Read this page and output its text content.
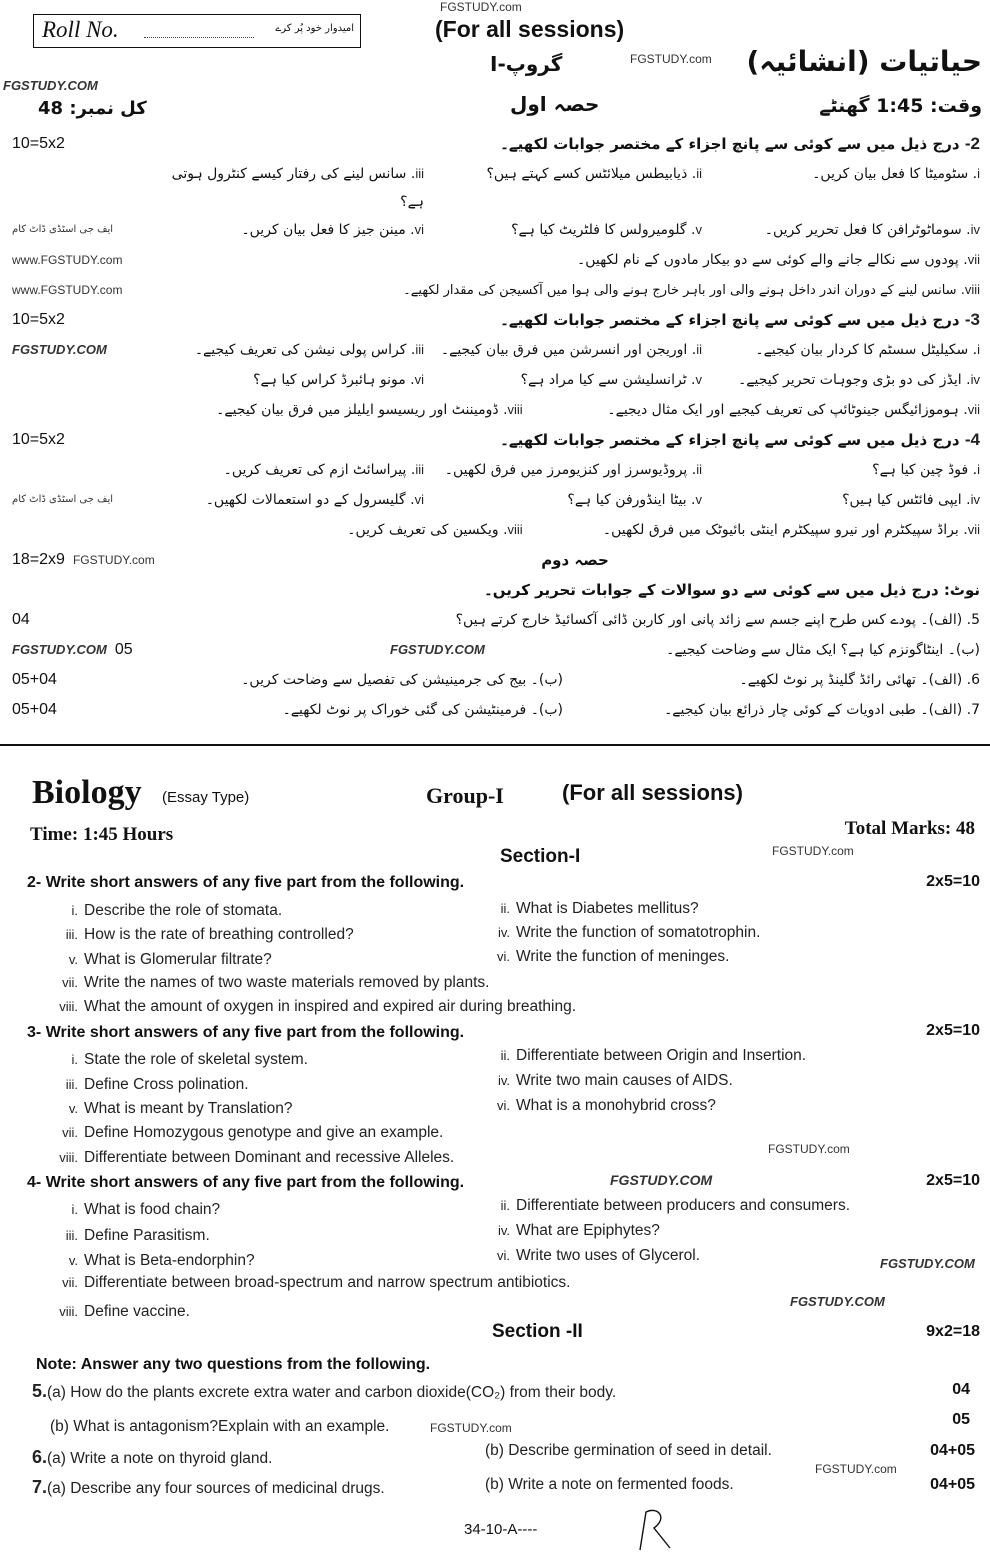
FGSTUDY.com
Roll No.	امیدوار خود پُر کرے	(For all sessions)
گروپ-I	FGSTUDY.com حیاتیات (انشائیہ)
FGSTUDY.COM
کل نمبر: 48	حصہ اول	وقت: 1:45 گھنٹے
10=5x2	2- درج ذیل میں سے کوئی سے پانچ اجزاء کے مختصر جوابات لکھیے۔
i. سٹومیٹا کا فعل بیان کریں۔
ii. ذیابیطس میلائٹس کسے کہتے ہیں؟
iii. سانس لینے کی رفتار کیسے کنٹرول ہوتی ہے؟
ایف جی اسٹڈی ڈاٹ کام	iv. سوماٹوٹرافن کا فعل تحریر کریں۔
v. گلومیرولس کا فلٹریٹ کیا ہے؟
vi. مینن جیز کا فعل بیان کریں۔
www.FGSTUDY.com	vii. پودوں سے نکالے جانے والے کوئی سے دو بیکار مادوں کے نام لکھیں۔
www.FGSTUDY.com	viii. سانس لینے کے دوران اندر داخل ہونے والی اور باہر خارج ہونے والی ہوا میں آکسیجن کی مقدار لکھیے۔
10=5x2	3- درج ذیل میں سے کوئی سے پانچ اجزاء کے مختصر جوابات لکھیے۔
FGSTUDY.COM	i. سکیلیٹل سسٹم کا کردار بیان کیجیے۔
ii. اوریجن اور انسرشن میں فرق بیان کیجیے۔
iii. کراس پولی نیشن کی تعریف کیجیے۔
iv. ایڈز کی دو بڑی وجوہات تحریر کیجیے۔
v. ٹرانسلیشن سے کیا مراد ہے؟
vi. مونو ہائبرڈ کراس کیا ہے؟
vii. ہوموزائیگس جینوٹائپ کی تعریف کیجیے اور ایک مثال دیجیے۔
viii. ڈومیننٹ اور ریسیسو ایلیلز میں فرق بیان کیجیے۔
10=5x2	4- درج ذیل میں سے کوئی سے پانچ اجزاء کے مختصر جوابات لکھیے۔
i. فوڈ چین کیا ہے؟
ii. پروڈیوسرز اور کنزیومرز میں فرق لکھیں۔
iii. پیراسائٹ ازم کی تعریف کریں۔
ایف جی اسٹڈی ڈاٹ کام	iv. ایپی فائٹس کیا ہیں؟
v. بیٹا اینڈورفن کیا ہے؟
vi. گلیسرول کے دو استعمالات لکھیں۔
vii. براڈ سپیکٹرم اور نیرو سپیکٹرم اینٹی بائیوٹک میں فرق لکھیں۔
viii. ویکسین کی تعریف کریں۔
18=2x9 FGSTUDY.com	حصہ دوم
نوٹ: درج ذیل میں سے کوئی سے دو سوالات کے جوابات تحریر کریں۔
04	5. (الف)۔ پودے کس طرح اپنے جسم سے زائد پانی اور کاربن ڈائی آکسائیڈ خارج کرتے ہیں؟
FGSTUDY.COM 05	(ب)۔ اینٹاگونزم کیا ہے؟ ایک مثال سے وضاحت کیجیے۔
FGSTUDY.COM
05+04	6. (الف)۔ تھائی رائڈ گلینڈ پر نوٹ لکھیے۔
(ب)۔ بیج کی جرمینیشن کی تفصیل سے وضاحت کریں۔
05+04	7. (الف)۔ طبی ادویات کے کوئی چار ذرائع بیان کیجیے۔
(ب)۔ فرمینٹیشن کی گئی خوراک پر نوٹ لکھیے۔
Biology (Essay Type)	Group-I	(For all sessions)
Time: 1:45 Hours	Total Marks: 48
FGSTUDY.com
Section-I
2- Write short answers of any five part from the following.	2x5=10
i. Describe the role of stomata.	ii. What is Diabetes mellitus?
iii. How is the rate of breathing controlled?	iv. Write the function of somatotrophin.
v. What is Glomerular filtrate?	vi. Write the function of meninges.
vii. Write the names of two waste materials removed by plants.
viii. What the amount of oxygen in inspired and expired air during breathing.
3- Write short answers of any five part from the following.	2x5=10
i. State the role of skeletal system.	ii. Differentiate between Origin and Insertion.
iii. Define Cross polination.	iv. Write two main causes of AIDS.
v. What is meant by Translation?	vi. What is a monohybrid cross?
vii. Define Homozygous genotype and give an example.
FGSTUDY.com
viii. Differentiate between Dominant and recessive Alleles.
4- Write short answers of any five part from the following.	FGSTUDY.COM	2x5=10
i. What is food chain?	ii. Differentiate between producers and consumers.
iii. Define Parasitism.	iv. What are Epiphytes?
v. What is Beta-endorphin?	vi. Write two uses of Glycerol.	FGSTUDY.COM
vii. Differentiate between broad-spectrum and narrow spectrum antibiotics.
FGSTUDY.COM
viii. Define vaccine.
Section -II	9x2=18
Note: Answer any two questions from the following.
5.(a) How do the plants excrete extra water and carbon dioxide(CO₂) from their body.	04
(b) What is antagonism?Explain with an example.	FGSTUDY.com	05
6.(a) Write a note on thyroid gland.	(b) Describe germination of seed in detail.	04+05
FGSTUDY.com
7.(a) Describe any four sources of medicinal drugs.	(b) Write a note on fermented foods.	04+05
34-10-A----
